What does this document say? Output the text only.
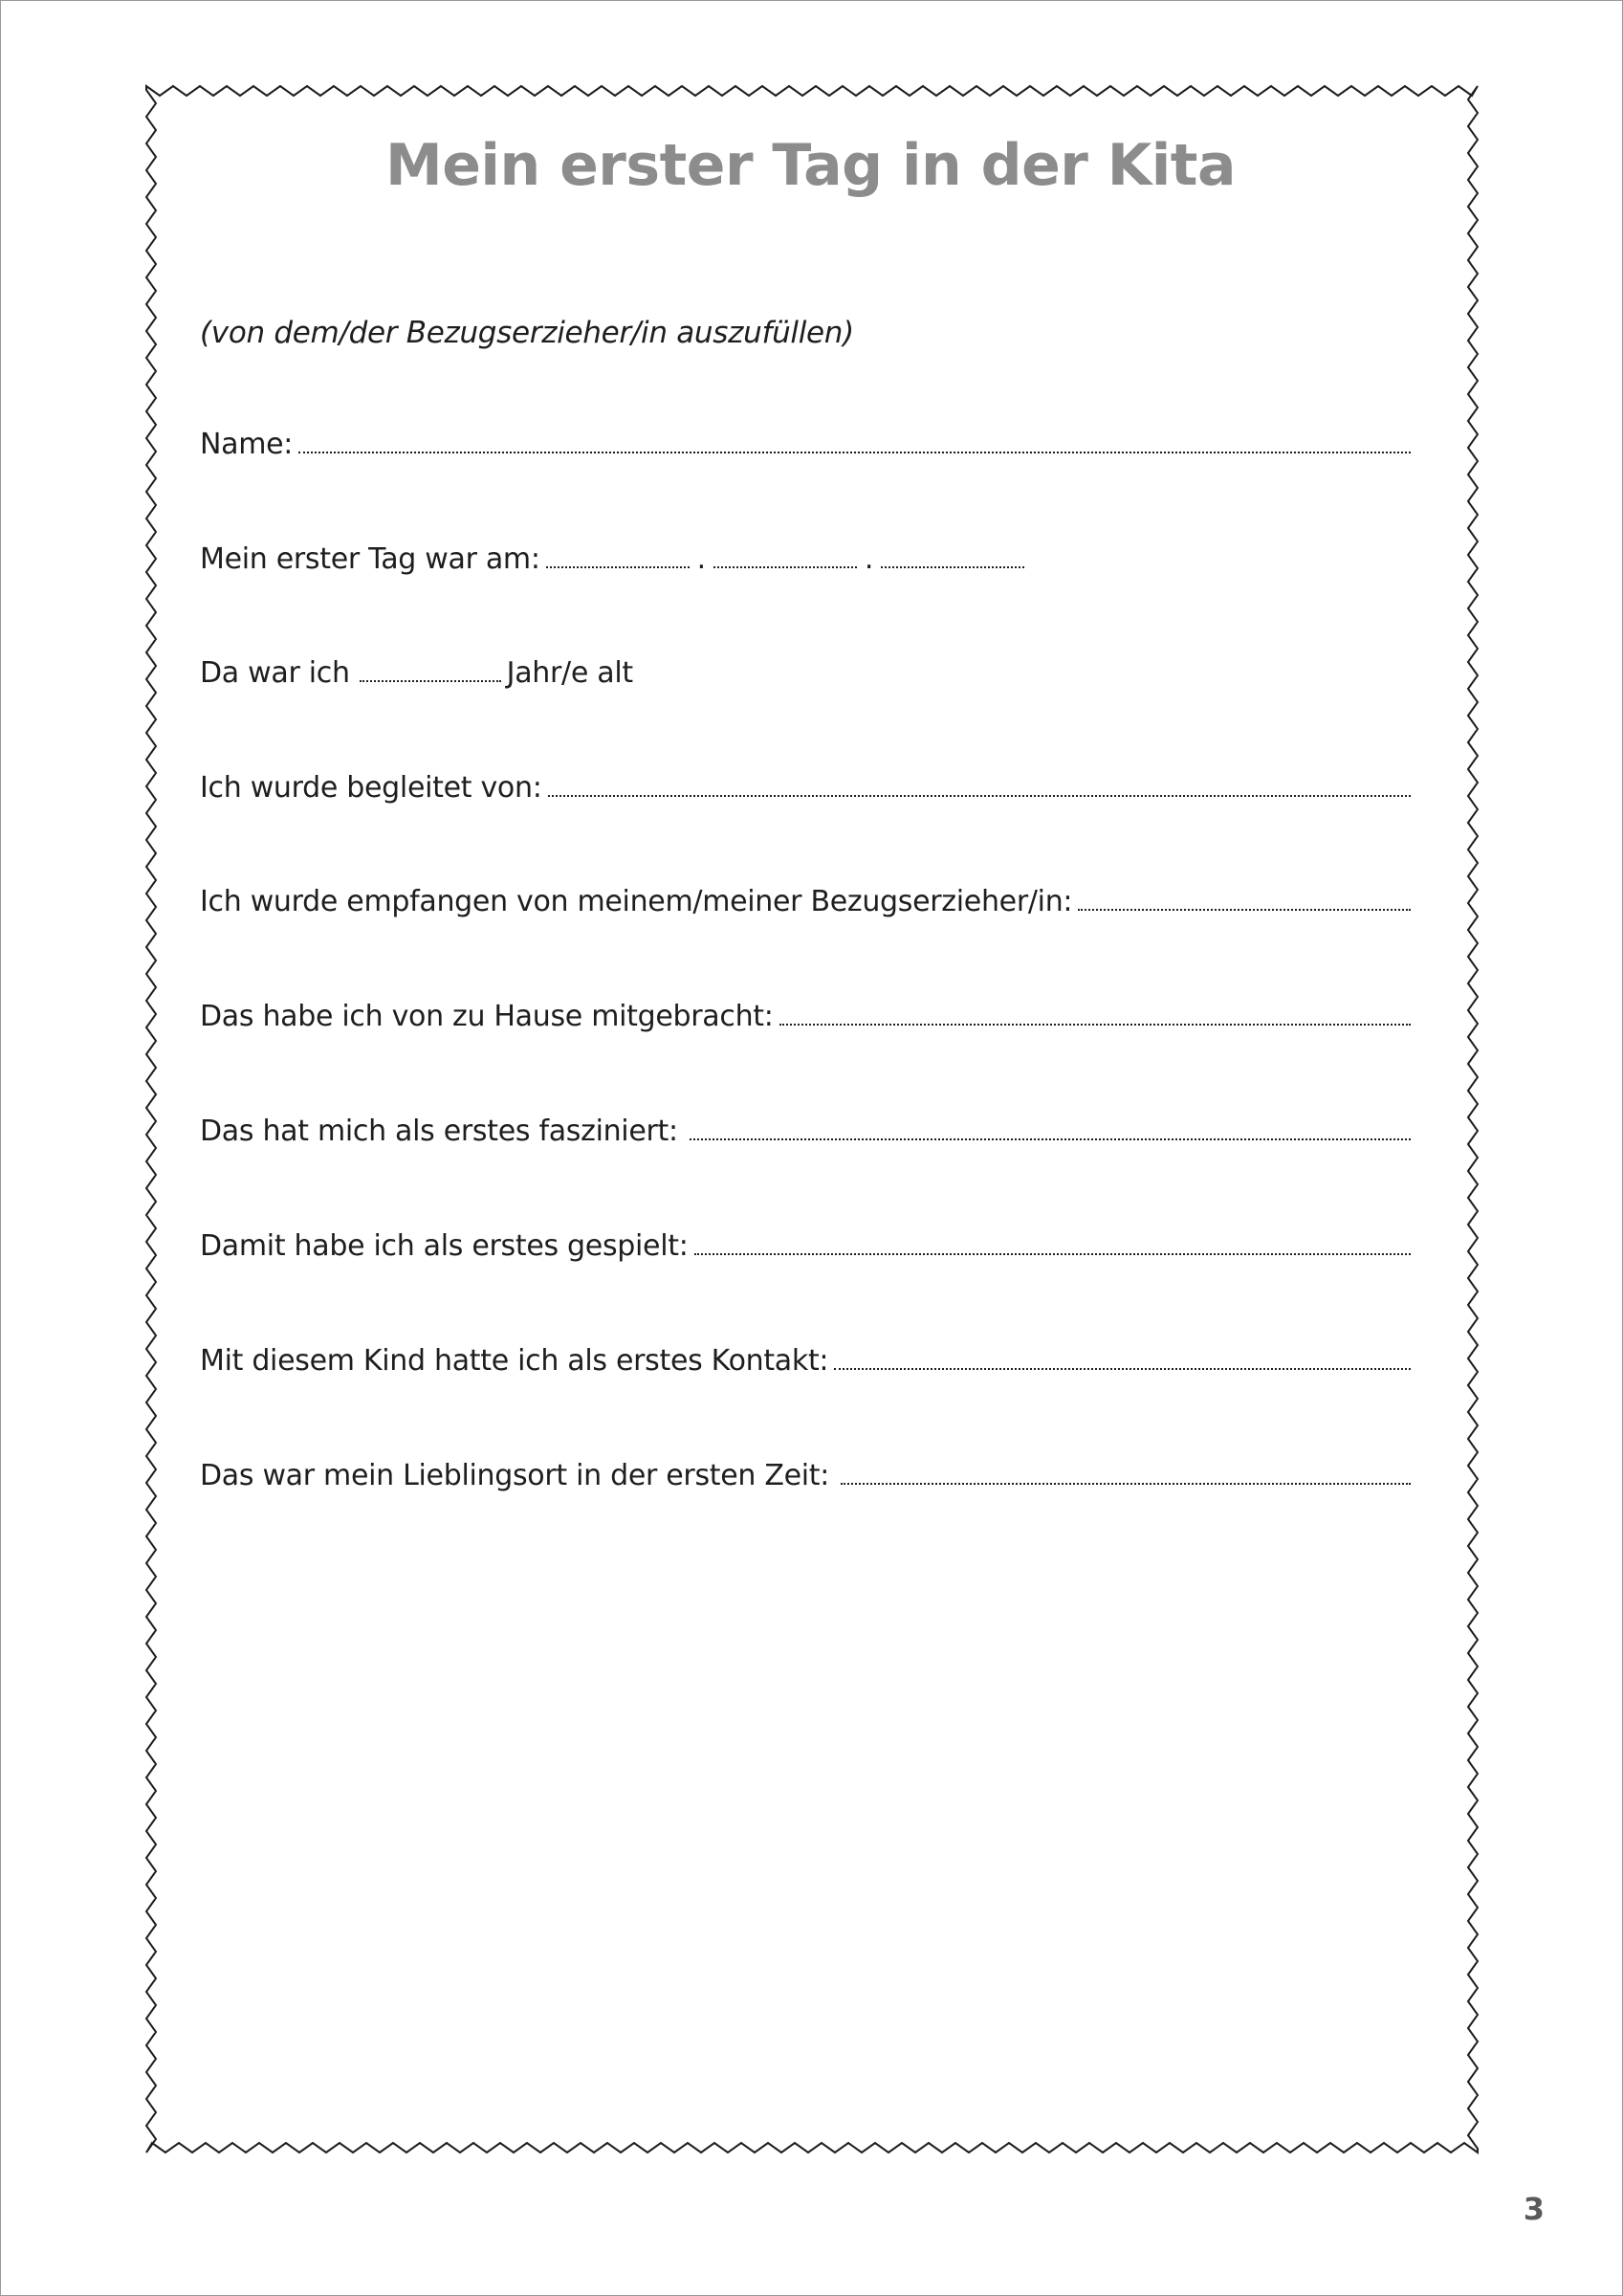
Mein erster Tag in der Kita
(von dem/der Bezugserzieher/in auszufüllen)
Name:
Mein erster Tag war am:	.	.
Da war ich	Jahr/e alt
Ich wurde begleitet von:
Ich wurde empfangen von meinem/meiner Bezugserzieher/in:
Das habe ich von zu Hause mitgebracht:
Das hat mich als erstes fasziniert:
Damit habe ich als erstes gespielt:
Mit diesem Kind hatte ich als erstes Kontakt:
Das war mein Lieblingsort in der ersten Zeit:
3
